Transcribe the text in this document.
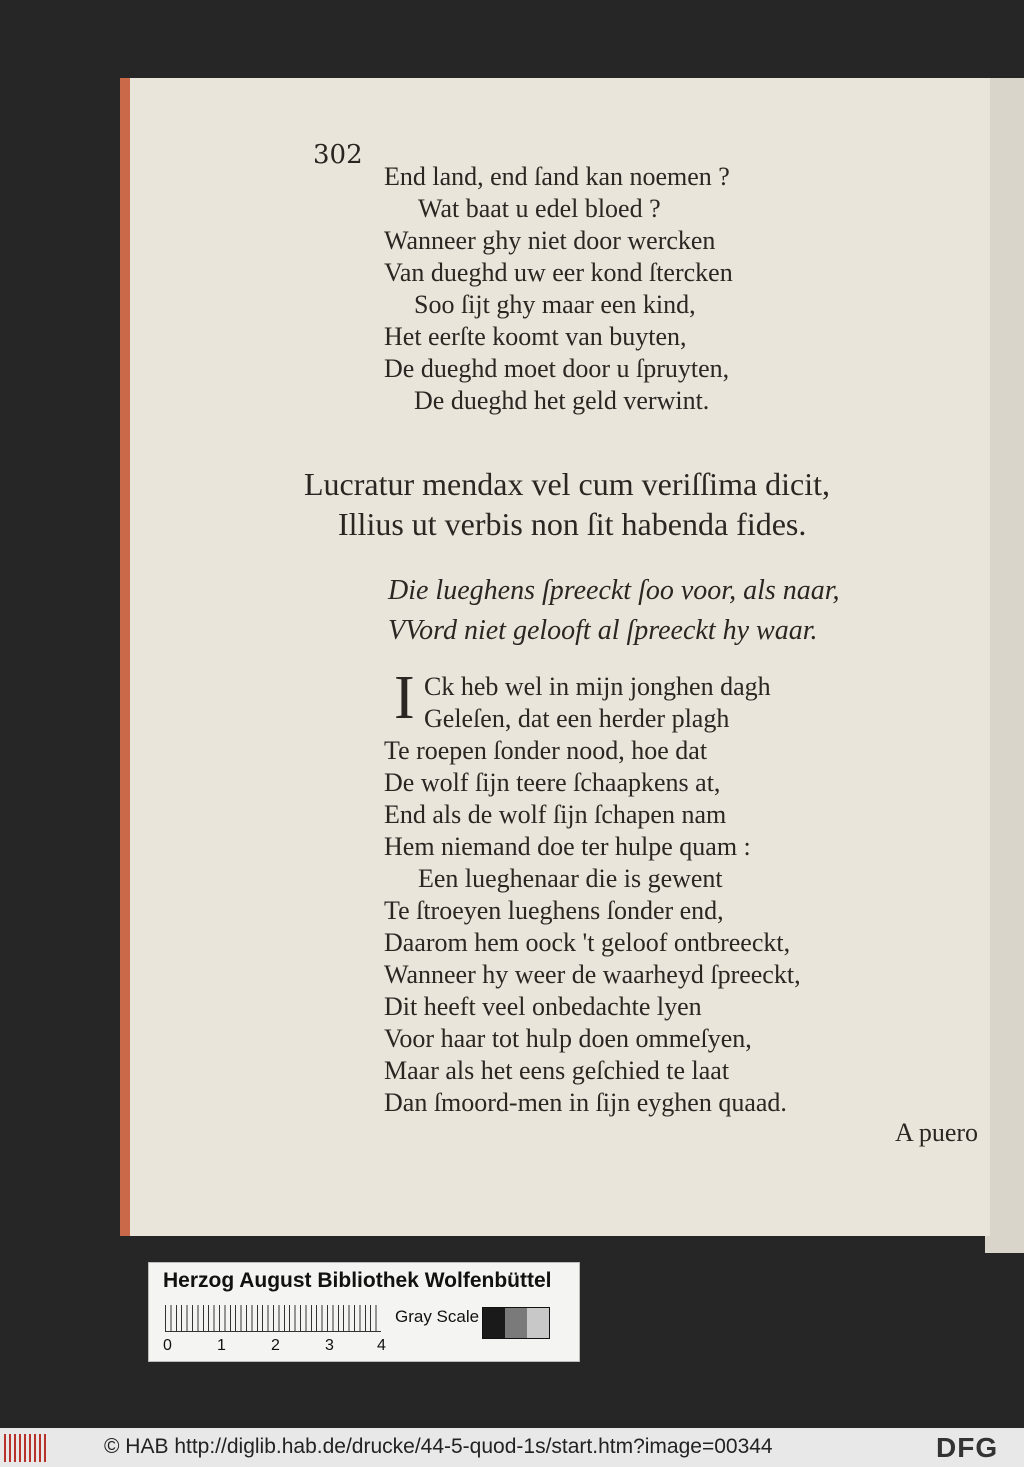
302
End land, end ſand kan noemen ?
Wat baat u edel bloed ?
Wanneer ghy niet door wercken
Van dueghd uw eer kond ſtercken
Soo ſijt ghy maar een kind,
Het eerſte koomt van buyten,
De dueghd moet door u ſpruyten,
De dueghd het geld verwint.
Lucratur mendax vel cum veriſſima dicit,
Illius ut verbis non ſit habenda fides.
Die lueghens ſpreeckt ſoo voor, als naar,
VVord niet gelooft al ſpreeckt hy waar.
I Ck heb wel in mijn jonghen dagh
Geleſen, dat een herder plagh
Te roepen ſonder nood, hoe dat
De wolf ſijn teere ſchaapkens at,
End als de wolf ſijn ſchapen nam
Hem niemand doe ter hulpe quam :
Een lueghenaar die is gewent
Te ſtroeyen lueghens ſonder end,
Daarom hem oock 't geloof ontbreeckt,
Wanneer hy weer de waarheyd ſpreeckt,
Dit heeft veel onbedachte lyen
Voor haar tot hulp doen ommeſyen,
Maar als het eens geſchied te laat
Dan ſmoord-men in ſijn eyghen quaad.
A puero
Herzog August Bibliothek Wolfenbüttel
0	1	2	3	4
Gray Scale
© HAB http://diglib.hab.de/drucke/44-5-quod-1s/start.htm?image=00344	DFG
